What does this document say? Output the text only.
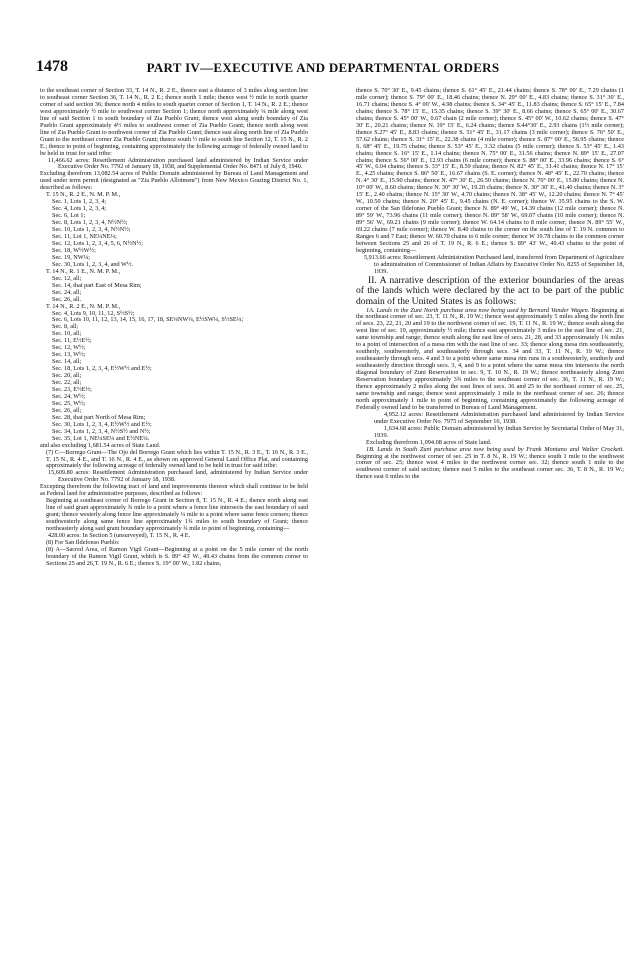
1478	PART IV—EXECUTIVE AND DEPARTMENTAL ORDERS

to the southeast corner of Section 33, T. 14 N., R. 2 E., thence east a distance of 3 miles along section line to southeast corner Section 36, T. 14 N., R. 2 E.; thence north 1 mile; thence west ½ mile to north quarter corner of said section 36; thence north 4 miles to south quarter corner of Section 1, T. 14 N., R. 2 E.; thence west approximately ½ mile to southwest corner Section 1; thence north approximately ¼ mile along west line of said Section 1 to south boundary of Zia Pueblo Grant; thence west along south boundary of Zia Pueblo Grant approximately 4½ miles to southwest corner of Zia Pueblo Grant; thence north along west line of Zia Pueblo Grant to northwest corner of Zia Pueblo Grant; thence east along north line of Zia Pueblo Grant to the northeast corner Zia Pueblo Grant; thence south ½ mile to south line Section 12, T. 15 N., R. 2 E.; thence to point of beginning, containing approximately the following acreage of federally owned land to be held in trust for said tribe:

11,466.62 acres: Resettlement Administration purchased land administered by Indian Service under Executive Order No. 7792 of January 18, 1938, and Supplemental Order No. 8471 of July 8, 1940.

Excluding therefrom 13,082.54 acres of Public Domain administered by Bureau of Land Management and used under term permit (designated as "Zia Pueblo Allotment") from New Mexico Grazing District No. 1, described as follows:

T. 15 N., R. 2 E., N. M. P. M.,

Sec. 1, Lots 1, 2, 3, 4;

Sec. 4, Lots 1, 2, 3, 4;

Sec. 6, Lot 1;

Sec. 8, Lots 1, 2, 3, 4, N½N½;

Sec. 10, Lots 1, 2, 3, 4, N½N½;

Sec. 11, Lot 1, NE¼NE¼;

Sec. 12, Lots 1, 2, 3, 4, 5, 6, N½N½;

Sec. 18, W½W½;

Sec. 19, NW¼;

Sec. 30, Lots 1, 2, 3, 4, and W½.

T. 14 N., R. 1 E., N. M. P. M.,

Sec. 12, all;

Sec. 14, that part East of Mesa Rim;

Sec. 24, all;

Sec. 26, all.

T. 14 N., R. 2 E., N. M. P. M.,

Sec. 4, Lots 9, 10, 11, 12, S½S½;

Sec. 6, Lots 10, 11, 12, 13, 14, 15, 16, 17, 18, SE¼NW¼, E½SW¼, S½SE¼;

Sec. 8, all;

Sec. 10, all;

Sec. 11, E½E½;

Sec. 12, W½;

Sec. 13, W½;

Sec. 14, all;

Sec. 18, Lots 1, 2, 3, 4, E½W½ and E½;

Sec. 20, all;

Sec. 22, all;

Sec. 23, E½E½;

Sec. 24, W½;

Sec. 25, W½;

Sec. 26, all;

Sec. 28, that part North of Mesa Rim;

Sec. 30, Lots 1, 2, 3, 4, E½W½ and E½;

Sec. 34, Lots 1, 2, 3, 4, N½S½ and N½;

Sec. 35, Lot 1, NE¼SE¼ and E½NE¼.

and also excluding 1,681.54 acres of State Land.

(7) C—Borrego Grant—The Ojo del Borrego Grant which lies within T. 15 N., R. 3 E., T. 16 N., R. 3 E., T. 15 N., R. 4 E., and T. 16 N., R. 4 E., as shown on approved General Land Office Plat, and containing approximately the following acreage of federally owned land to be held in trust for said tribe:

15,609.80 acres: Resettlement Administration purchased land, administered by Indian Service under Executive Order No. 7792 of January 18, 1938.

Excepting therefrom the following tract of land and improvements thereon which shall continue to be held as Federal land for administrative purposes, described as follows:

Beginning at southeast corner of Borrego Grant in Section 8, T. 15 N., R. 4 E.; thence north along east line of said grant approximately ¾ mile to a point where a fence line intersects the east boundary of said grant; thence westerly along fence line approximately ¼ mile to a point where same fence corners; thence southwesterly along same fence line approximately 1¾ miles to south boundary of Grant; thence northeasterly along said grant boundary approximately ¾ mile to point of beginning, containing—

428.00 acres: In Section 5 (unsurveyed), T. 15 N., R. 4 E.

(8) For San Ildefonso Pueblo:

(8) A—Sacred Area, of Ramon Vigil Grant—Beginning at a point on the 5 mile corner of the north boundary of the Ramon Vigil Grant, which is S. 89° 43′ W., 49.43 chains from the common corner to Sections 25 and 26,T. 19 N., R. 6 E.; thence S. 19° 00′ W., 1.82 chains,

thence S. 70° 30′ E., 9.45 chains; thence S. 61° 45′ E., 21.44 chains; thence S. 78° 00′ E., 7.29 chains (1 mile corner); thence S. 79° 00′ E., 18.46 chains; thence N. 29° 00′ E., 4.83 chains; thence S. 31° 30′ E., 16.71 chains; thence S. 4° 00′ W., 4.98 chains; thence S. 34° 45′ E., 11.83 chains; thence S. 65° 15′ E., 7.84 chains; thence S. 78° 15′ E., 15.35 chains; thence S. 39° 30′ E., 8.66 chains; thence S. 65° 00′ E., 30.67 chains; thence S. 45° 00′ W., 0.67 chain (2 mile corner); thence S. 45° 00′ W., 10.62 chains; thence S. 47° 30′ E., 20.21 chains; thence N. 19° 15′ E., 6.24 chains; thence S.44°30′ E., 2.93 chains (1½ mile corner); thence S.27° 45′ E., 8.83 chains; thence S. 51° 45′ E., 31.17 chains (3 mile corner); thence S. 76° 50′ E., 57.62 chains; thence S. 31° 15′ E., 22.38 chains (4 mile corner); thence S. 87° 00′ E., 56.95 chains; thence S. 68° 45′ E., 19.75 chains; thence S. 53° 45′ E., 3.32 chains (5 mile corner); thence S. 53° 45′ E., 1.43 chains; thence S. 16° 15′ E., 1.14 chains; thence N. 75° 00′ E., 31.56 chains; thence N. 89° 15′ E., 27.07 chains; thence S. 56° 00′ E., 12.93 chains (6 mile corner); thence S. 88° 00′ E., 33.96 chains; thence S. 6° 45′ W., 6.04 chains; thence S. 33° 15′ E., 8.59 chains; thence N. 82° 45′ E., 31.41 chains; thence N. 17° 15′ E., 4.25 chains; thence S. 86° 50′ E., 16.67 chains (S. E. corner); thence N. 48° 45′ E., 22.70 chains; thence N. 4° 30′ E., 15.90 chains; thence N. 47° 30′ E., 26.50 chains; thence N. 70° 00′ E., 15.80 chains; thence N. 10° 00′ W., 8.60 chains; thence N. 30° 30′ W., 19.20 chains; thence N. 30° 30′ E., 41.40 chains; thence N. 3° 15′ E., 2.40 chains; thence N. 15° 30′ W., 4.70 chains; thence N. 38° 45′ W., 12.20 chains; thence N. 7° 45′ W., 10.50 chains; thence N. 20° 45′ E., 9.45 chains (N. E. corner); thence W. 35.95 chains to the S. W. corner of the San Ildefonso Pueblo Grant; thence N. 89° 49′ W., 14.39 chains (12 mile corner); thence N. 89° 59′ W., 73.96 chains (11 mile corner); thence N. 89° 58′ W., 69.07 chains (10 mile corner); thence N. 89° 56′ W., 69.21 chains (9 mile corner); thence W. 64.14 chains to 8 mile corner; thence N. 89° 55′ W., 69.22 chains (7 mile corner); thence W. 8.40 chains to the corner on the south line of T. 19 N. common to Ranges 6 and 7 East; thence W. 60.70 chains to 6 mile corner; thence W 19.78 chains to the common corner between Sections 25 and 26 of T. 19 N., R. 6 E.; thence S. 89° 43′ W., 49.43 chains to the point of beginning, containing—

5,913.66 acres: Resettlement Administration Purchased land, transferred from Department of Agriculture to administration of Commissioner of Indian Affairs by Executive Order No. 8255 of September 18, 1939.

II. A narrative description of the exterior boundaries of the areas of the lands which were declared by the act to be part of the public domain of the United States is as follows:

1A. Lands in the Zuni North purchase area now being used by Bernard Vander Wagen. Beginning at the northeast corner of sec. 23, T. 11 N., R. 19 W.; thence west approximately 5 miles along the north line of secs. 23, 22, 21, 20 and 19 to the northwest corner of sec. 19, T. 11 N., R. 19 W.; thence south along the west line of sec. 19, approximately ½ mile; thence east approximately 3 miles to the east line of sec. 21, same township and range; thence south along the east line of secs. 21, 28, and 33 approximately 1¾ miles to a point of intersection of a mesa rim with the east line of sec. 33; thence along mesa rim southeasterly, southerly, southwesterly, and southeasterly through secs. 34 and 33, T. 11 N., R. 19 W.; thence southeasterly through secs. 4 and 3 to a point where same mesa rim runs in a southwesterly, southerly and southeasterly direction through secs. 3, 4, and 9 to a point where the same mesa rim intersects the north diagonal boundary of Zuni Reservation in sec. 9, T. 10 N., R. 19 W.; thence northeasterly along Zuni Reservation boundary approximately 3¾ miles to the southeast corner of sec. 36, T. 11 N., R. 19 W.; thence approximately 2 miles along the east lines of secs. 36 and 25 to the northeast corner of sec. 25, same township and range; thence west approximately 1 mile to the northeast corner of sec. 26; thence north approximately 1 mile to point of beginning, containing approximately the following acreage of Federally owned land to be transferred to Bureau of Land Management.

4,952.12 acres: Resettlement Administration purchased land administered by Indian Service under Executive Order No. 7975 of September 16, 1938.

1,634.68 acres: Public Domain administered by Indian Service by Secretarial Order of May 31, 1939.

Excluding therefrom 1,094.08 acres of State land.

1B. Lands in South Zuni purchase area now being used by Frank Montano and Walter Crockett. Beginning at the northwest corner of sec. 25 in T. 8 N., R. 19 W.; thence south 1 mile to the southwest corner of sec. 25; thence west 4 miles to the northwest corner sec. 32; thence south 1 mile to the southwest corner of said section; thence east 5 miles to the southeast corner sec. 36, T. 8 N., R. 19 W.; thence east 6 miles to the
